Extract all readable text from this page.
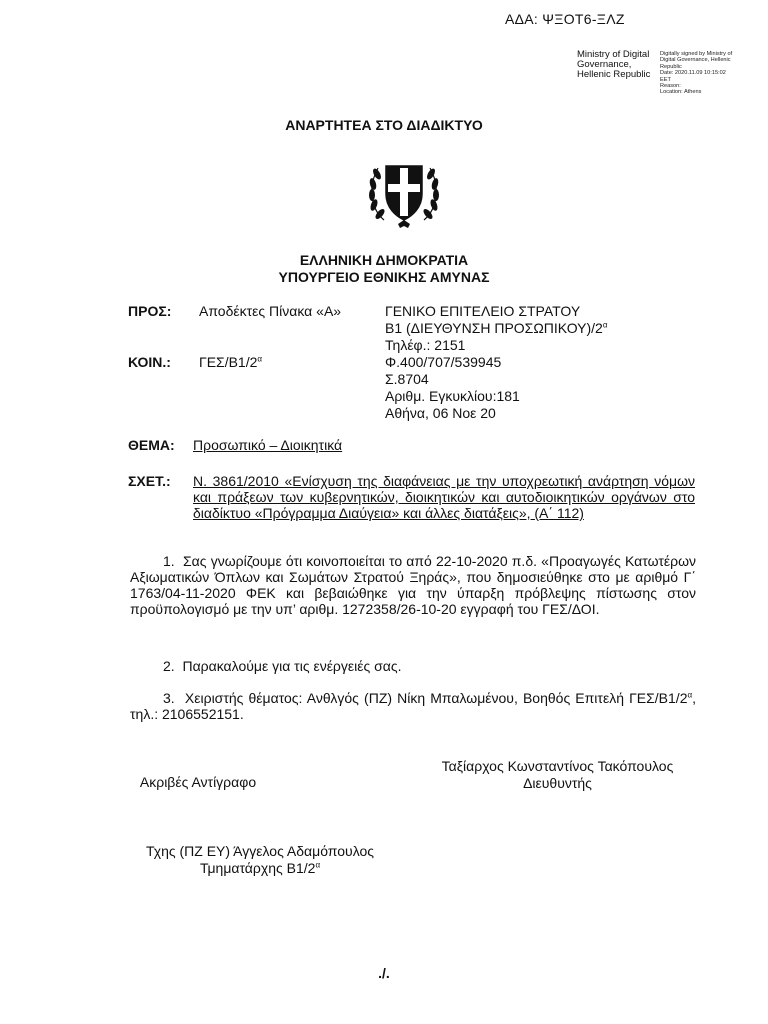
ΑΔΑ: ΨΞΟΤ6-ΞΛΖ
Ministry of Digital
Governance,
Hellenic Republic
Digitally signed by Ministry of
Digital Governance, Hellenic
Republic
Date: 2020.11.09 10:15:02
EET
Reason:
Location: Athens
ΑΝΑΡΤΗΤΕΑ ΣΤΟ ΔΙΑΔΙΚΤΥΟ
ΕΛΛΗΝΙΚΗ ΔΗΜΟΚΡΑΤΙΑ
ΥΠΟΥΡΓΕΙΟ ΕΘΝΙΚΗΣ ΑΜΥΝΑΣ
ΠΡΟΣ: Αποδέκτες Πίνακα «Α»
ΚΟΙΝ.: ΓΕΣ/$B1/2^\alpha$
ΓΕΝΙΚΟ ΕΠΙΤΕΛΕΙΟ ΣΤΡΑΤΟΥ
Β1 (ΔΙΕΥΘΥΝΣΗ $\Pi PO\Sigma\Omega\Pi IKO\Upsilon)/2^\alpha$
Τηλέφ.: 2151
Φ.400/707/539945
Σ.8704
Αριθμ. Εγκυκλίου:181
Αθήνα, 06 Νοε 20
ΘΕΜΑ: Προσωπικό – Διοικητικά
ΣΧΕΤ.: Ν. 3861/2010 «Ενίσχυση της διαφάνειας με την υποχρεωτική ανάρτηση νόμων και πράξεων των κυβερνητικών, διοικητικών και αυτοδιοικητικών οργάνων στο διαδίκτυο «Πρόγραμμα Διαύγεια» και άλλες διατάξεις», (Α΄ 112)
1. Σας γνωρίζουμε ότι κοινοποιείται το από 22-10-2020 π.δ. «Προαγωγές Κατωτέρων Αξιωματικών Όπλων και Σωμάτων Στρατού Ξηράς», που δημοσιεύθηκε στο με αριθμό Γ΄ 1763/04-11-2020 ΦΕΚ και βεβαιώθηκε για την ύπαρξη πρόβλεψης πίστωσης στον προϋπολογισμό με την υπ’ αριθμ. 1272358/26-10-20 εγγραφή του ΓΕΣ/ΔΟΙ.
2. Παρακαλούμε για τις ενέργειές σας.
3. Χειριστής θέματος: Ανθλγός (ΠΖ) Νίκη Μπαλωμένου, Βοηθός Επιτελή ΓΕΣ/$B1/2^\alpha$, τηλ.: 2106552151.
Ταξίαρχος Κωνσταντίνος Τακόπουλος
Διευθυντής
Ακριβές Αντίγραφο
Τχης (ΠΖ ΕΥ) Άγγελος Αδαμόπουλος
Τμηματάρχης $B1/2^\alpha$
./.
